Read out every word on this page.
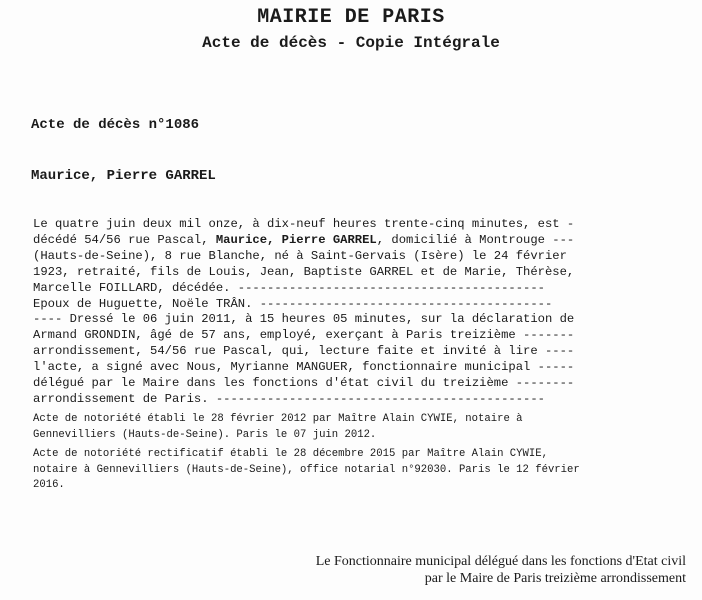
MAIRIE DE PARIS
Acte de décès - Copie Intégrale
Acte de décès n°1086
Maurice, Pierre GARREL
Le quatre juin deux mil onze, à dix-neuf heures trente-cinq minutes, est -
décédé 54/56 rue Pascal, Maurice, Pierre GARREL, domicilié à Montrouge ---
(Hauts-de-Seine), 8 rue Blanche, né à Saint-Gervais (Isère) le 24 février
1923, retraité, fils de Louis, Jean, Baptiste GARREL et de Marie, Thérèse,
Marcelle FOILLARD, décédée. ------------------------------------------
Epoux de Huguette, Noële TRÂN. ----------------------------------------
---- Dressé le 06 juin 2011, à 15 heures 05 minutes, sur la déclaration de
Armand GRONDIN, âgé de 57 ans, employé, exerçant à Paris treizième -------
arrondissement, 54/56 rue Pascal, qui, lecture faite et invité à lire ----
l'acte, a signé avec Nous, Myrianne MANGUER, fonctionnaire municipal -----
délégué par le Maire dans les fonctions d'état civil du treizième --------
arrondissement de Paris. ---------------------------------------------
Acte de notoriété établi le 28 février 2012 par Maître Alain CYWIE, notaire à
Gennevilliers (Hauts-de-Seine). Paris le 07 juin 2012.
Acte de notoriété rectificatif établi le 28 décembre 2015 par Maître Alain CYWIE,
notaire à Gennevilliers (Hauts-de-Seine), office notarial n°92030. Paris le 12 février
2016.
Le Fonctionnaire municipal délégué dans les fonctions d'Etat civil
par le Maire de Paris treizième arrondissement
